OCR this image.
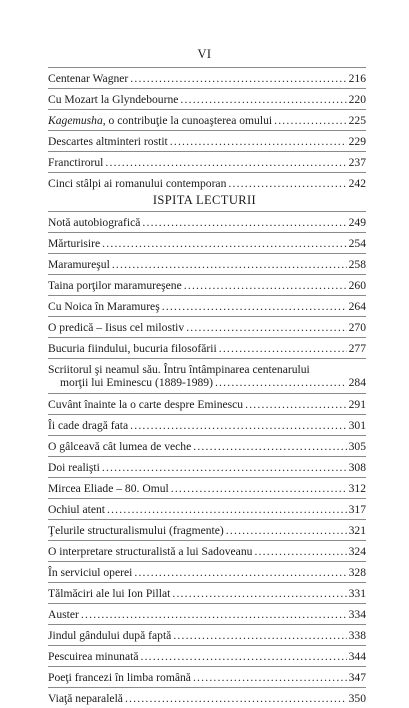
VI
Centenar Wagner .....	216
Cu Mozart la Glyndebourne .....	220
Kagemusha, o contribuţie la cunoaşterea omului .....	225
Descartes altminteri rostit .....	229
Franctirorul .....	237
Cinci stâlpi ai romanului contemporan .....	242
ISPITA LECTURII
Notă autobiografică .....	249
Mărturisire .....	254
Maramureşul .....	258
Taina porţilor maramureşene .....	260
Cu Noica în Maramureş .....	264
O predică – Iisus cel milostiv .....	270
Bucuria fiindului, bucuria filosofării .....	277
Scriitorul şi neamul său. Întru întâmpinarea centenarului
morţii lui Eminescu (1889-1989) .....	284
Cuvânt înainte la o carte despre Eminescu .....	291
Îi cade dragă fata .....	301
O gâlceavă cât lumea de veche .....	305
Doi realişti .....	308
Mircea Eliade – 80. Omul .....	312
Ochiul atent .....	317
Ţelurile structuralismului (fragmente) .....	321
O interpretare structuralistă a lui Sadoveanu .....	324
În serviciul operei .....	328
Tălmăciri ale lui Ion Pillat .....	331
Auster .....	334
Jindul gândului după faptă .....	338
Pescuirea minunată .....	344
Poeţi francezi în limba română .....	347
Viaţă neparalelă .....	350
